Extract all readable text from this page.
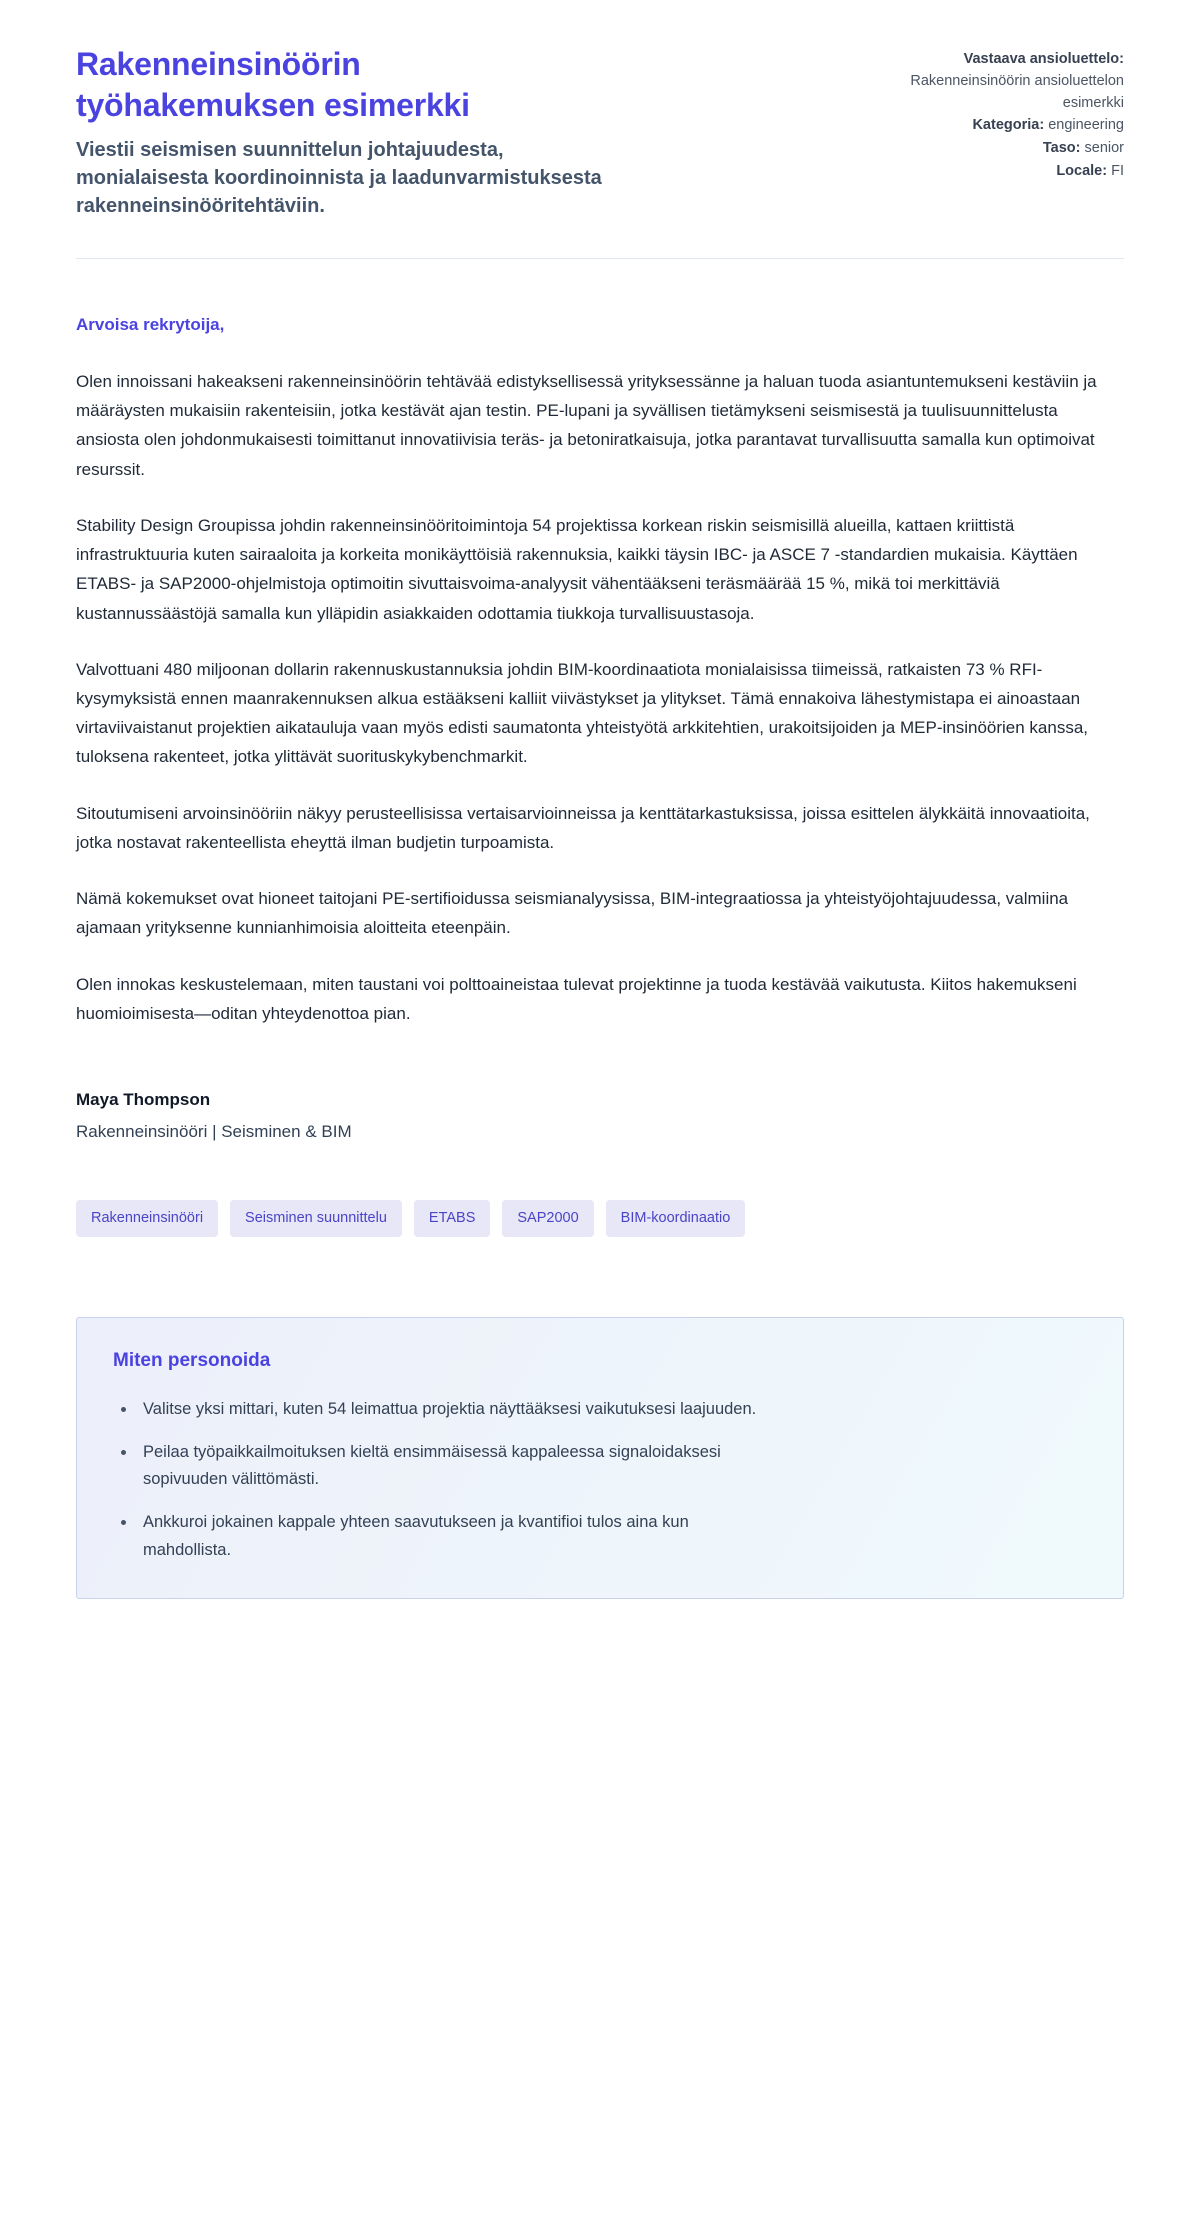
Rakenneinsinöörin työhakemuksen esimerkki

Viestii seismisen suunnittelun johtajuudesta, monialaisesta koordinoinnista ja laadunvarmistuksesta rakenneinsinööritehtäviin.

Vastaava ansioluettelo:
Rakenneinsinöörin ansioluettelon esimerkki
Kategoria: engineering
Taso: senior
Locale: FI

Arvoisa rekrytoija,

Olen innoissani hakeakseni rakenneinsinöörin tehtävää edistyksellisessä yrityksessänne ja haluan tuoda asiantuntemukseni kestäviin ja määräysten mukaisiin rakenteisiin, jotka kestävät ajan testin. PE-lupani ja syvällisen tietämykseni seismisestä ja tuulisuunnittelusta ansiosta olen johdonmukaisesti toimittanut innovatiivisia teräs- ja betoniratkaisuja, jotka parantavat turvallisuutta samalla kun optimoivat resurssit.

Stability Design Groupissa johdin rakenneinsinööritoimintoja 54 projektissa korkean riskin seismisillä alueilla, kattaen kriittistä infrastruktuuria kuten sairaaloita ja korkeita monikäyttöisiä rakennuksia, kaikki täysin IBC- ja ASCE 7 -standardien mukaisia. Käyttäen ETABS- ja SAP2000-ohjelmistoja optimoitin sivuttaisvoima-analyysit vähentääkseni teräsmäärää 15 %, mikä toi merkittäviä kustannussäästöjä samalla kun ylläpidin asiakkaiden odottamia tiukkoja turvallisuustasoja.

Valvottuani 480 miljoonan dollarin rakennuskustannuksia johdin BIM-koordinaatiota monialaisissa tiimeissä, ratkaisten 73 % RFI-kysymyksistä ennen maanrakennuksen alkua estääkseni kalliit viivästykset ja ylitykset. Tämä ennakoiva lähestymistapa ei ainoastaan virtaviivaistanut projektien aikatauluja vaan myös edisti saumatonta yhteistyötä arkkitehtien, urakoitsijoiden ja MEP-insinöörien kanssa, tuloksena rakenteet, jotka ylittävät suorituskykybenchmarkit.

Sitoutumiseni arvoinsinööriin näkyy perusteellisissa vertaisarvioinneissa ja kenttätarkastuksissa, joissa esittelen älykkäitä innovaatioita, jotka nostavat rakenteellista eheyttä ilman budjetin turpoamista.

Nämä kokemukset ovat hioneet taitojani PE-sertifioidussa seismianalyysissa, BIM-integraatiossa ja yhteistyöjohtajuudessa, valmiina ajamaan yrityksenne kunnianhimoisia aloitteita eteenpäin.

Olen innokas keskustelemaan, miten taustani voi polttoaineistaa tulevat projektinne ja tuoda kestävää vaikutusta. Kiitos hakemukseni huomioimisesta—oditan yhteydenottoa pian.

Maya Thompson

Rakenneinsinööri | Seisminen & BIM

Rakenneinsinööri	Seisminen suunnittelu	ETABS	SAP2000	BIM-koordinaatio
Miten personoida
• Valitse yksi mittari, kuten 54 leimattua projektia näyttääksesi vaikutuksesi laajuuden.
• Peilaa työpaikkailmoituksen kieltä ensimmäisessä kappaleessa signaloidaksesi sopivuuden välittömästi.
• Ankkuroi jokainen kappale yhteen saavutukseen ja kvantifioi tulos aina kun mahdollista.
